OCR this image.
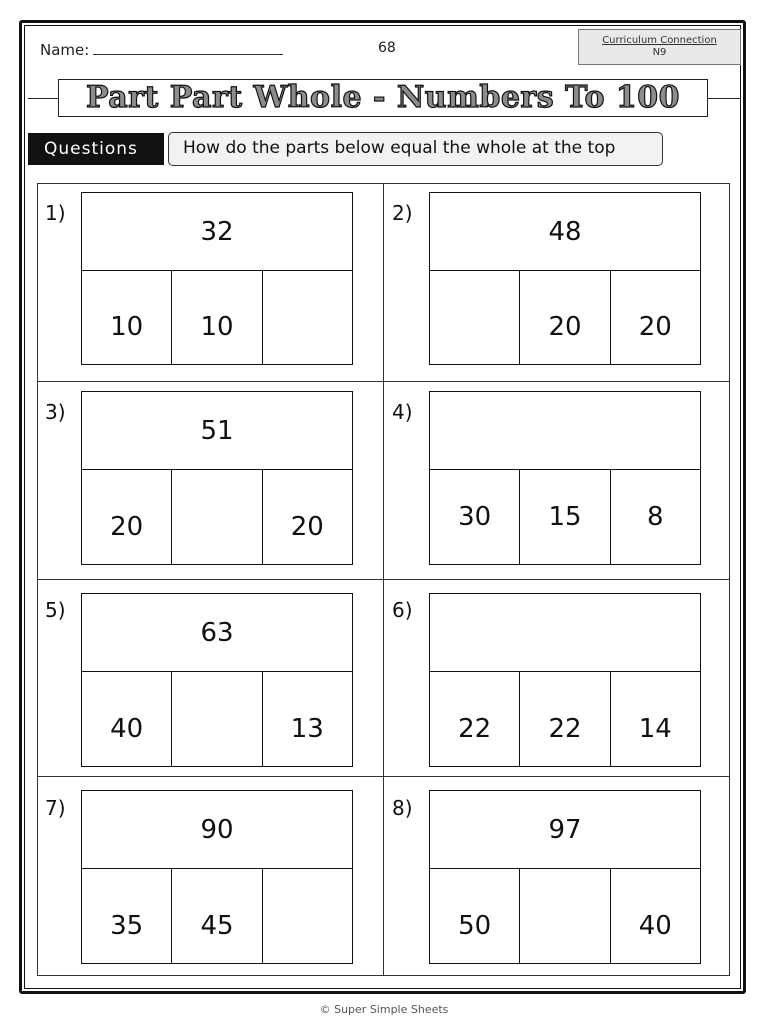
Name:	68	Curriculum Connection
N9
Part Part Whole - Numbers To 100
Questions	How do the parts below equal the whole at the top
1)
32
10	10
2)
48
20	20
3)
51
20	20
4)
30	15	8
5)
63
40	13
6)
22	22	14
7)
90
35	45
8)
97
50	40
© Super Simple Sheets
